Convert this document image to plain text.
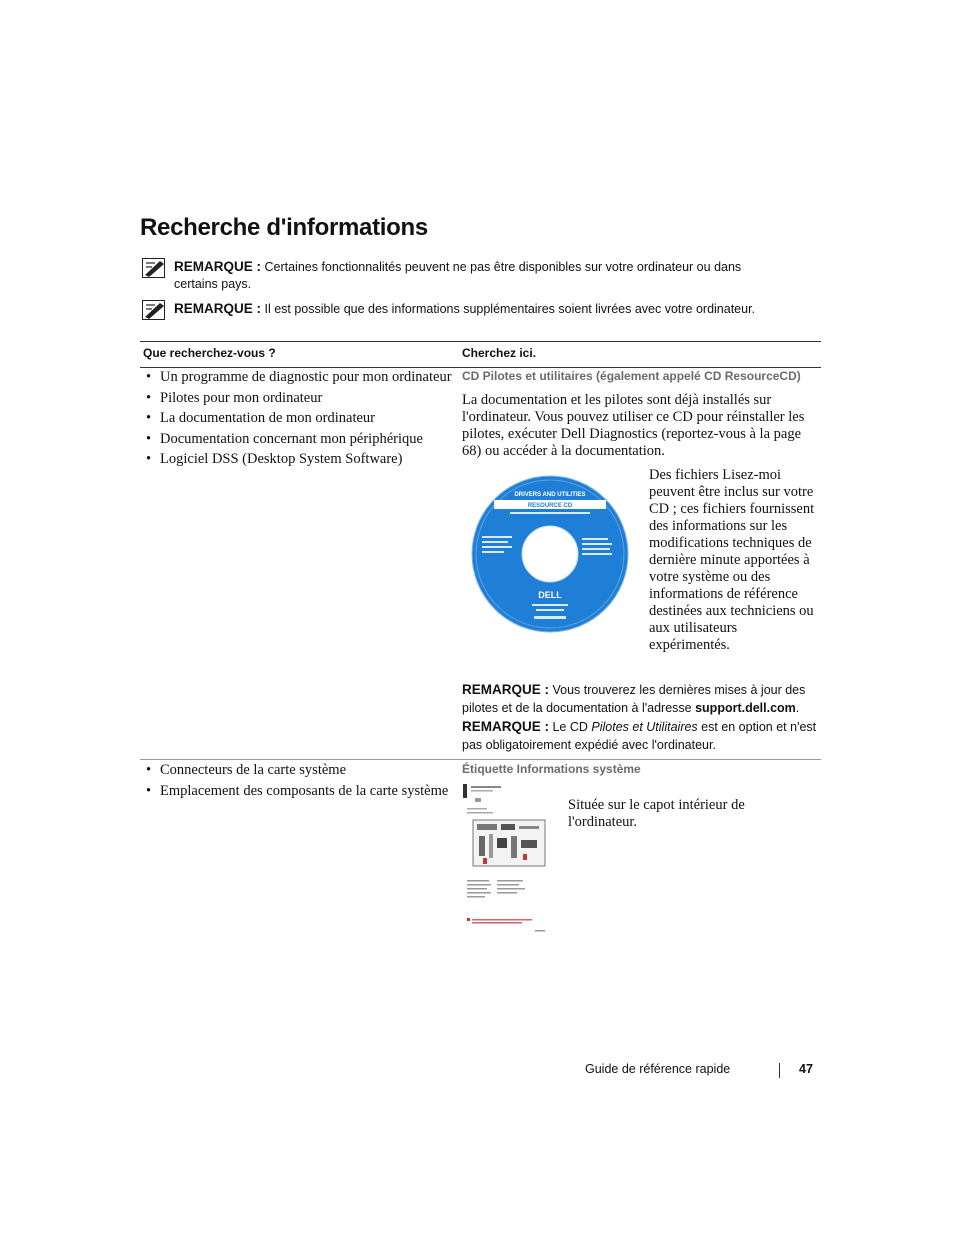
Recherche d'informations
REMARQUE : Certaines fonctionnalités peuvent ne pas être disponibles sur votre ordinateur ou dans certains pays.
REMARQUE : Il est possible que des informations supplémentaires soient livrées avec votre ordinateur.
Que recherchez-vous ?	Cherchez ici.
• Un programme de diagnostic pour mon ordinateur
• Pilotes pour mon ordinateur
• La documentation de mon ordinateur
• Documentation concernant mon périphérique
• Logiciel DSS (Desktop System Software)
CD Pilotes et utilitaires (également appelé CD ResourceCD)
La documentation et les pilotes sont déjà installés sur l'ordinateur. Vous pouvez utiliser ce CD pour réinstaller les pilotes, exécuter Dell Diagnostics (reportez-vous à la page 68) ou accéder à la documentation.
DRIVERS AND UTILITIES
RESOURCE CD
DELL
Des fichiers Lisez-moi peuvent être inclus sur votre CD ; ces fichiers fournissent des informations sur les modifications techniques de dernière minute apportées à votre système ou des informations de référence destinées aux techniciens ou aux utilisateurs expérimentés.
REMARQUE : Vous trouverez les dernières mises à jour des pilotes et de la documentation à l'adresse support.dell.com.
REMARQUE : Le CD Pilotes et Utilitaires est en option et n'est pas obligatoirement expédié avec l'ordinateur.
• Connecteurs de la carte système
• Emplacement des composants de la carte système
Étiquette Informations système
Située sur le capot intérieur de l'ordinateur.
Guide de référence rapide	47
